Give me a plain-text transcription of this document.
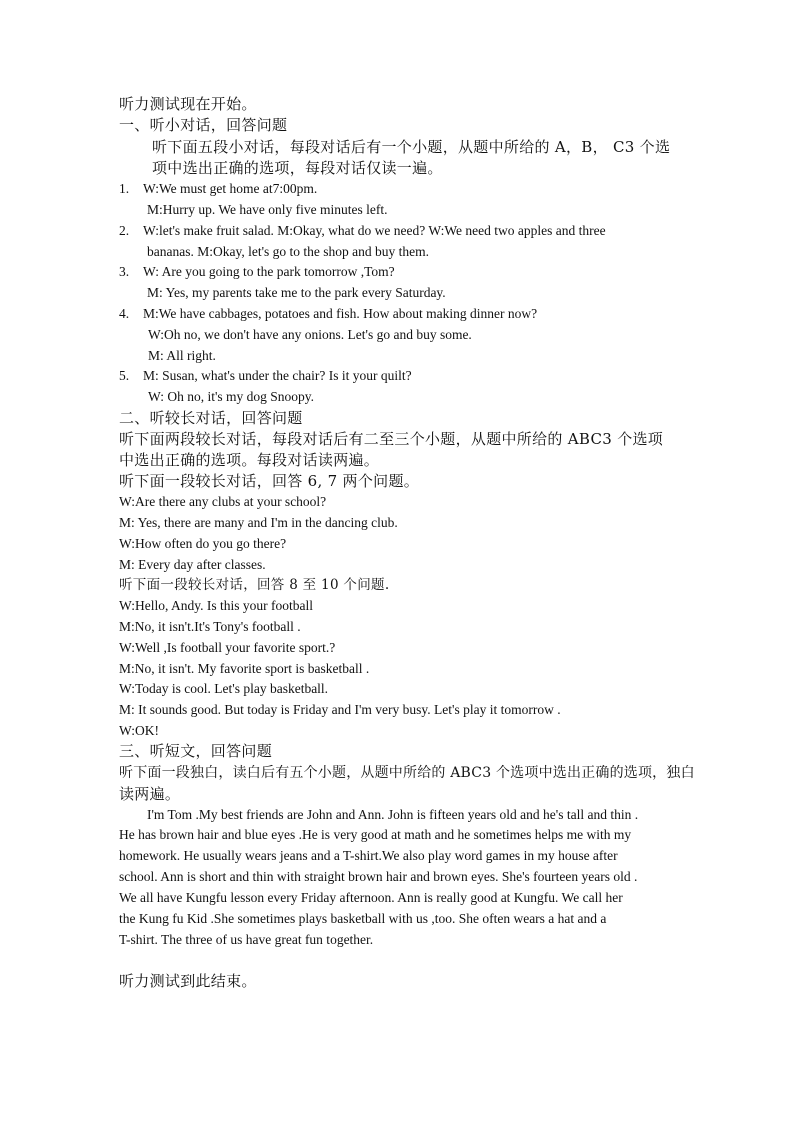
听力测试现在开始。
一、听小对话，回答问题
听下面五段小对话，每段对话后有一个小题，从题中所给的 A，B， C3 个选
项中选出正确的选项，每段对话仅读一遍。
1. W:We must get home at7:00pm.
M:Hurry up. We have only five minutes left.
2. W:let's make fruit salad. M:Okay, what do we need? W:We need two apples and three
bananas. M:Okay, let's go to the shop and buy them.
3. W: Are you going to the park tomorrow ,Tom?
M: Yes, my parents take me to the park every Saturday.
4. M:We have cabbages, potatoes and fish. How about making dinner now?
W:Oh no, we don't have any onions. Let's go and buy some.
M: All right.
5. M: Susan, what's under the chair? Is it your quilt?
W: Oh no, it's my dog Snoopy.
二、听较长对话，回答问题
听下面两段较长对话，每段对话后有二至三个小题，从题中所给的 ABC3 个选项
中选出正确的选项。每段对话读两遍。
听下面一段较长对话，回答 6, 7 两个问题。
W:Are there any clubs at your school?
M: Yes, there are many and I'm in the dancing club.
W:How often do you go there?
M: Every day after classes.
听下面一段较长对话，回答 8 至 10 个问题.
W:Hello, Andy. Is this your football
M:No, it isn't.It's Tony's football .
W:Well ,Is football your favorite sport.?
M:No, it isn't. My favorite sport is basketball .
W:Today is cool. Let's play basketball.
M: It sounds good. But today is Friday and I'm very busy. Let's play it tomorrow .
W:OK!
三、听短文，回答问题
听下面一段独白，读白后有五个小题，从题中所给的 ABC3 个选项中选出正确的选项，独白
读两遍。
I'm Tom .My best friends are John and Ann. John is fifteen years old and he's tall and thin .
He has brown hair and blue eyes .He is very good at math and he sometimes helps me with my
homework. He usually wears jeans and a T-shirt.We also play word games in my house after
school. Ann is short and thin with straight brown hair and brown eyes. She's fourteen years old .
We all have Kungfu lesson every Friday afternoon. Ann is really good at Kungfu. We call her
the Kung fu Kid .She sometimes plays basketball with us ,too. She often wears a hat and a
T-shirt. The three of us have great fun together.
听力测试到此结束。
